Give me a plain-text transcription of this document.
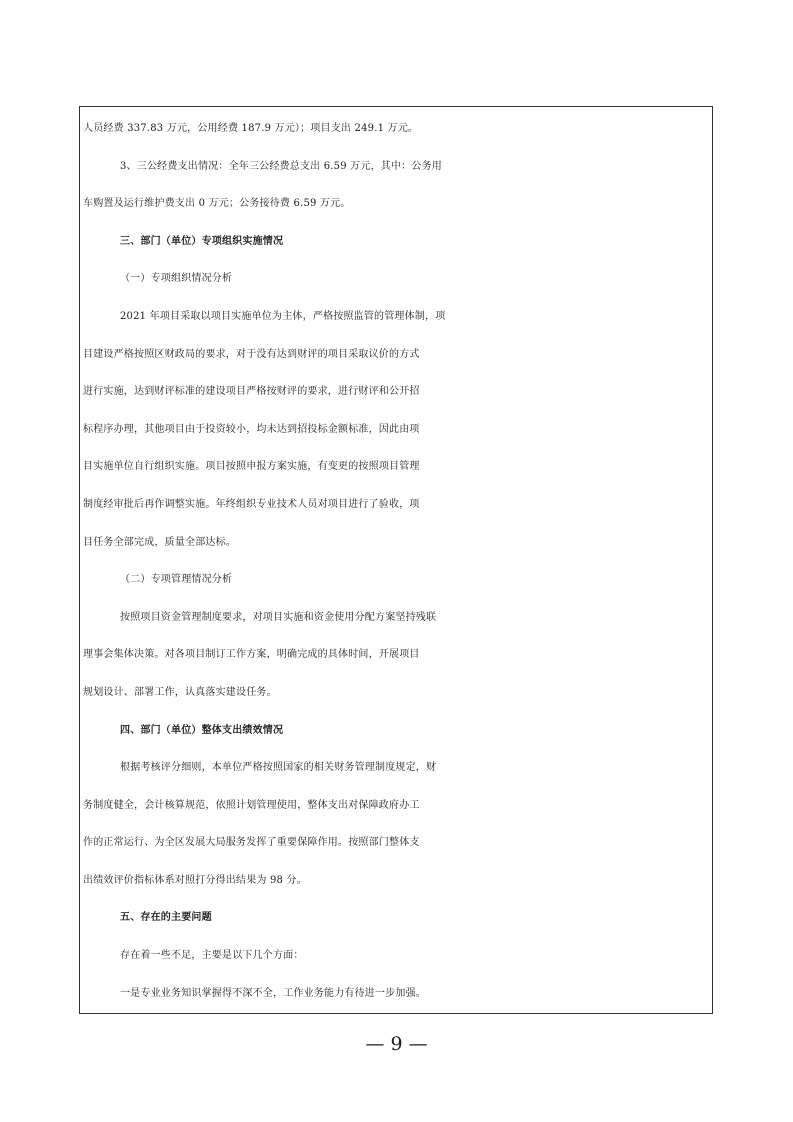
人员经费 337.83 万元，公用经费 187.9 万元）；项目支出 249.1 万元。
3、三公经费支出情况：全年三公经费总支出 6.59 万元，其中：公务用
车购置及运行维护费支出 0 万元；公务接待费 6.59 万元。
三、部门（单位）专项组织实施情况
（一）专项组织情况分析
2021 年项目采取以项目实施单位为主体，严格按照监管的管理体制，项
目建设严格按照区财政局的要求，对于没有达到财评的项目采取议价的方式
进行实施，达到财评标准的建设项目严格按财评的要求，进行财评和公开招
标程序办理，其他项目由于投资较小，均未达到招投标金额标准，因此由项
目实施单位自行组织实施。项目按照申报方案实施，有变更的按照项目管理
制度经审批后再作调整实施。年终组织专业技术人员对项目进行了验收，项
目任务全部完成，质量全部达标。
（二）专项管理情况分析
按照项目资金管理制度要求，对项目实施和资金使用分配方案坚持残联
理事会集体决策。对各项目制订工作方案，明确完成的具体时间，开展项目
规划设计、部署工作，认真落实建设任务。
四、部门（单位）整体支出绩效情况
根据考核评分细则，本单位严格按照国家的相关财务管理制度规定，财
务制度健全，会计核算规范，依照计划管理使用，整体支出对保障政府办工
作的正常运行、为全区发展大局服务发挥了重要保障作用。按照部门整体支
出绩效评价指标体系对照打分得出结果为 98 分。
五、存在的主要问题
存在着一些不足，主要是以下几个方面：
一是专业业务知识掌握得不深不全，工作业务能力有待进一步加强。
— 9 —
